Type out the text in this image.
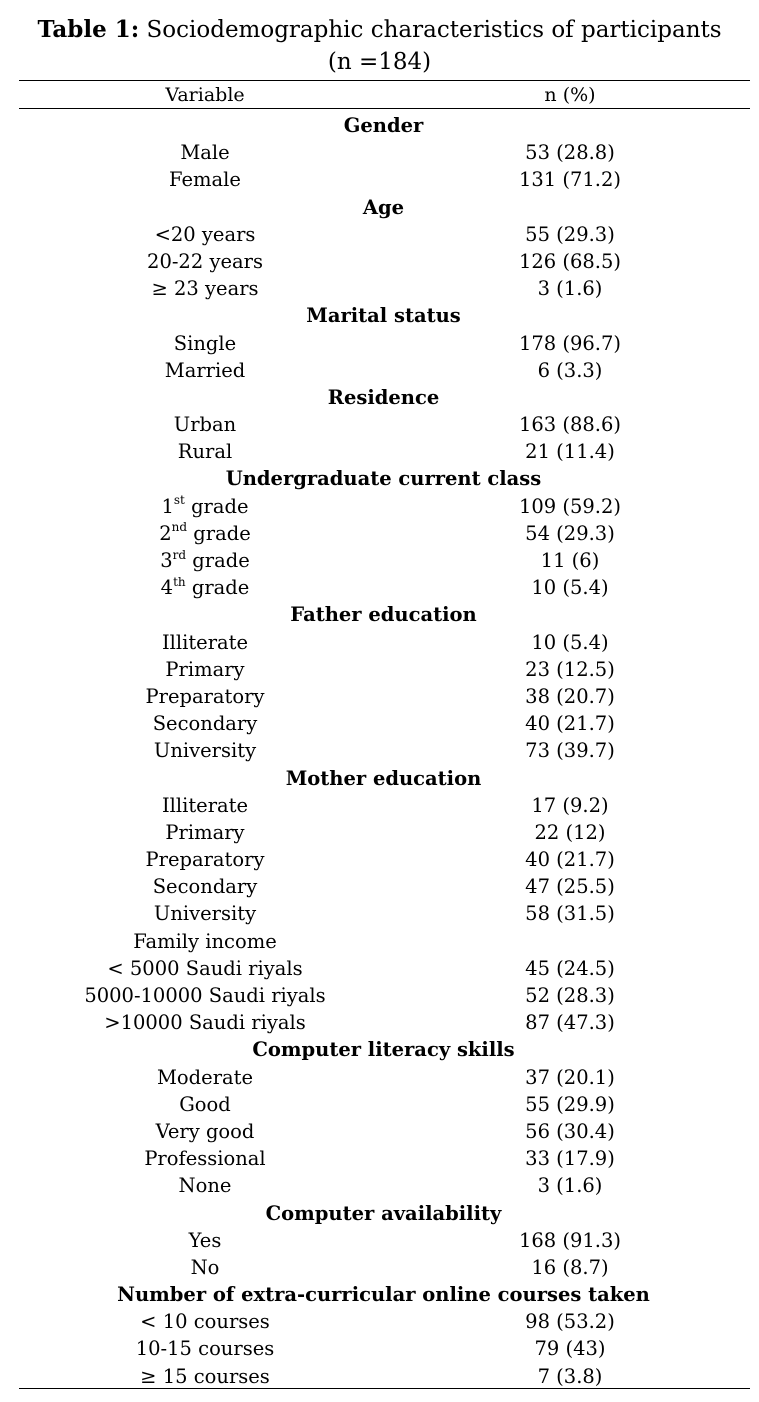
Table 1: Sociodemographic characteristics of participants
(n =184)
Variable	n (%)
Gender
Male	53 (28.8)
Female	131 (71.2)
Age
<20 years	55 (29.3)
20-22 years	126 (68.5)
≥ 23 years	3 (1.6)
Marital status
Single	178 (96.7)
Married	6 (3.3)
Residence
Urban	163 (88.6)
Rural	21 (11.4)
Undergraduate current class
1st grade	109 (59.2)
2nd grade	54 (29.3)
3rd grade	11 (6)
4th grade	10 (5.4)
Father education
Illiterate	10 (5.4)
Primary	23 (12.5)
Preparatory	38 (20.7)
Secondary	40 (21.7)
University	73 (39.7)
Mother education
Illiterate	17 (9.2)
Primary	22 (12)
Preparatory	40 (21.7)
Secondary	47 (25.5)
University	58 (31.5)
Family income
< 5000 Saudi riyals	45 (24.5)
5000-10000 Saudi riyals	52 (28.3)
>10000 Saudi riyals	87 (47.3)
Computer literacy skills
Moderate	37 (20.1)
Good	55 (29.9)
Very good	56 (30.4)
Professional	33 (17.9)
None	3 (1.6)
Computer availability
Yes	168 (91.3)
No	16 (8.7)
Number of extra-curricular online courses taken
< 10 courses	98 (53.2)
10-15 courses	79 (43)
≥ 15 courses	7 (3.8)
